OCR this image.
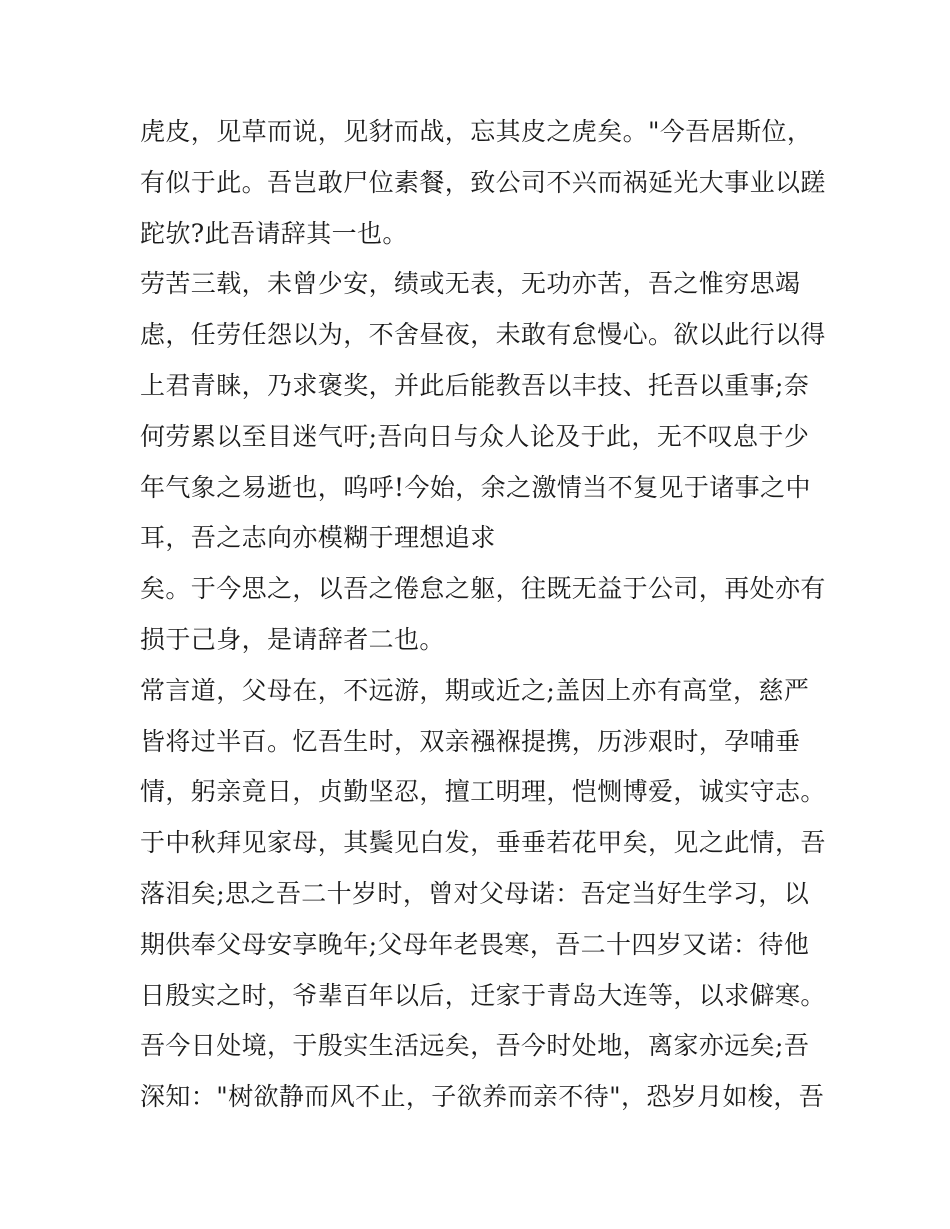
虎皮，见草而说，见豺而战，忘其皮之虎矣。"今吾居斯位，
有似于此。吾岂敢尸位素餐，致公司不兴而祸延光大事业以蹉
跎欤?此吾请辞其一也。
劳苦三载，未曾少安，绩或无表，无功亦苦，吾之惟穷思竭
虑，任劳任怨以为，不舍昼夜，未敢有怠慢心。欲以此行以得
上君青睐，乃求褒奖，并此后能教吾以丰技、托吾以重事;奈
何劳累以至目迷气吁;吾向日与众人论及于此，无不叹息于少
年气象之易逝也，呜呼!今始，余之激情当不复见于诸事之中
耳，吾之志向亦模糊于理想追求
矣。于今思之，以吾之倦怠之躯，往既无益于公司，再处亦有
损于己身，是请辞者二也。
常言道，父母在，不远游，期或近之;盖因上亦有高堂，慈严
皆将过半百。忆吾生时，双亲襁褓提携，历涉艰时，孕哺垂
情，躬亲竟日，贞勤坚忍，擅工明理，恺恻博爱，诚实守志。
于中秋拜见家母，其鬓见白发，垂垂若花甲矣，见之此情，吾
落泪矣;思之吾二十岁时，曾对父母诺：吾定当好生学习，以
期供奉父母安享晚年;父母年老畏寒，吾二十四岁又诺：待他
日殷实之时，爷辈百年以后，迁家于青岛大连等，以求僻寒。
吾今日处境，于殷实生活远矣，吾今时处地，离家亦远矣;吾
深知："树欲静而风不止，子欲养而亲不待"，恐岁月如梭，吾
